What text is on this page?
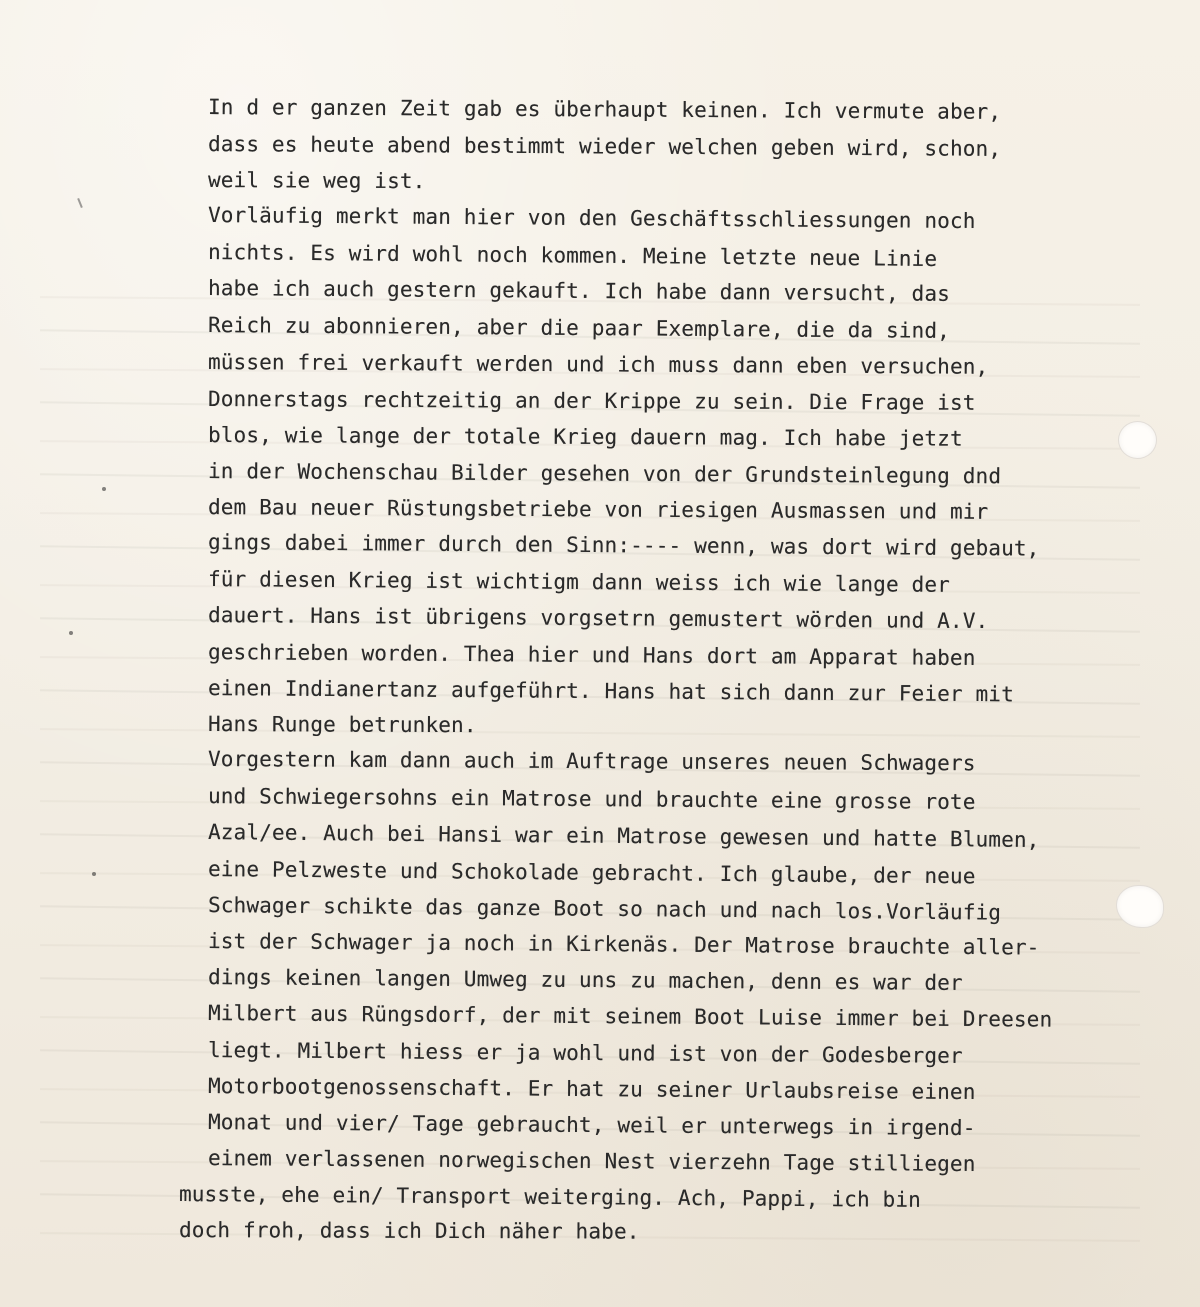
In d er ganzen Zeit gab es überhaupt keinen. Ich vermute aber,
dass es heute abend bestimmt wieder welchen geben wird, schon,
weil sie weg ist.
Vorläufig merkt man hier von den Geschäftsschliessungen noch
nichts. Es wird wohl noch kommen. Meine letzte neue Linie
habe ich auch gestern gekauft. Ich habe dann versucht, das
Reich zu abonnieren, aber die paar Exemplare, die da sind,
müssen frei verkauft werden und ich muss dann eben versuchen,
Donnerstags rechtzeitig an der Krippe zu sein. Die Frage ist
blos, wie lange der totale Krieg dauern mag. Ich habe jetzt
in der Wochenschau Bilder gesehen von der Grundsteinlegung dnd
dem Bau neuer Rüstungsbetriebe von riesigen Ausmassen und mir
gings dabei immer durch den Sinn:---- wenn, was dort wird gebaut,
für diesen Krieg ist wichtigm dann weiss ich wie lange der
dauert. Hans ist übrigens vorgsetrn gemustert wörden und A.V.
geschrieben worden. Thea hier und Hans dort am Apparat haben
einen Indianertanz aufgeführt. Hans hat sich dann zur Feier mit
Hans Runge betrunken.
Vorgestern kam dann auch im Auftrage unseres neuen Schwagers
und Schwiegersohns ein Matrose und brauchte eine grosse rote
Azal/ee. Auch bei Hansi war ein Matrose gewesen und hatte Blumen,
eine Pelzweste und Schokolade gebracht. Ich glaube, der neue
Schwager schikte das ganze Boot so nach und nach los.Vorläufig
ist der Schwager ja noch in Kirkenäs. Der Matrose brauchte aller-
dings keinen langen Umweg zu uns zu machen, denn es war der
Milbert aus Rüngsdorf, der mit seinem Boot Luise immer bei Dreesen
liegt. Milbert hiess er ja wohl und ist von der Godesberger
Motorbootgenossenschaft. Er hat zu seiner Urlaubsreise einen
Monat und vier/ Tage gebraucht, weil er unterwegs in irgend-
einem verlassenen norwegischen Nest vierzehn Tage stilliegen
musste, ehe ein/ Transport weiterging. Ach, Pappi, ich bin
doch froh, dass ich Dich näher habe.
